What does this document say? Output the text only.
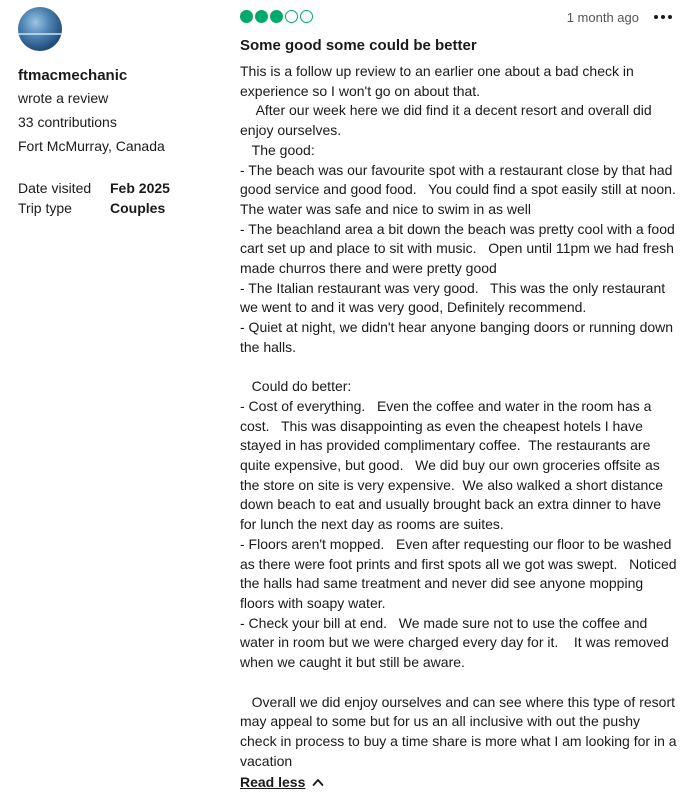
ftmacmechanic
wrote a review
33 contributions
Fort McMurray, Canada
Date visited	Feb 2025
Trip type	Couples
1 month ago
Some good some could be better
This is a follow up review to an earlier one about a bad check in experience so I won't go on about that.
After our week here we did find it a decent resort and overall did enjoy ourselves.
The good:
- The beach was our favourite spot with a restaurant close by that had good service and good food.   You could find a spot easily still at noon.   The water was safe and nice to swim in as well
- The beachland area a bit down the beach was pretty cool with a food cart set up and place to sit with music.   Open until 11pm we had fresh made churros there and were pretty good
- The Italian restaurant was very good.   This was the only restaurant we went to and it was very good, Definitely recommend.
- Quiet at night, we didn't hear anyone banging doors or running down the halls.

Could do better:
- Cost of everything.   Even the coffee and water in the room has a cost.   This was disappointing as even the cheapest hotels I have stayed in has provided complimentary coffee.  The restaurants are quite expensive, but good.   We did buy our own groceries offsite as the store on site is very expensive.  We also walked a short distance down beach to eat and usually brought back an extra dinner to have for lunch the next day as rooms are suites.
- Floors aren't mopped.   Even after requesting our floor to be washed as there were foot prints and first spots all we got was swept.   Noticed the halls had same treatment and never did see anyone mopping floors with soapy water.
- Check your bill at end.   We made sure not to use the coffee and water in room but we were charged every day for it.    It was removed when we caught it but still be aware.

Overall we did enjoy ourselves and can see where this type of resort may appeal to some but for us an all inclusive with out the pushy check in process to buy a time share is more what I am looking for in a vacation
Read less
